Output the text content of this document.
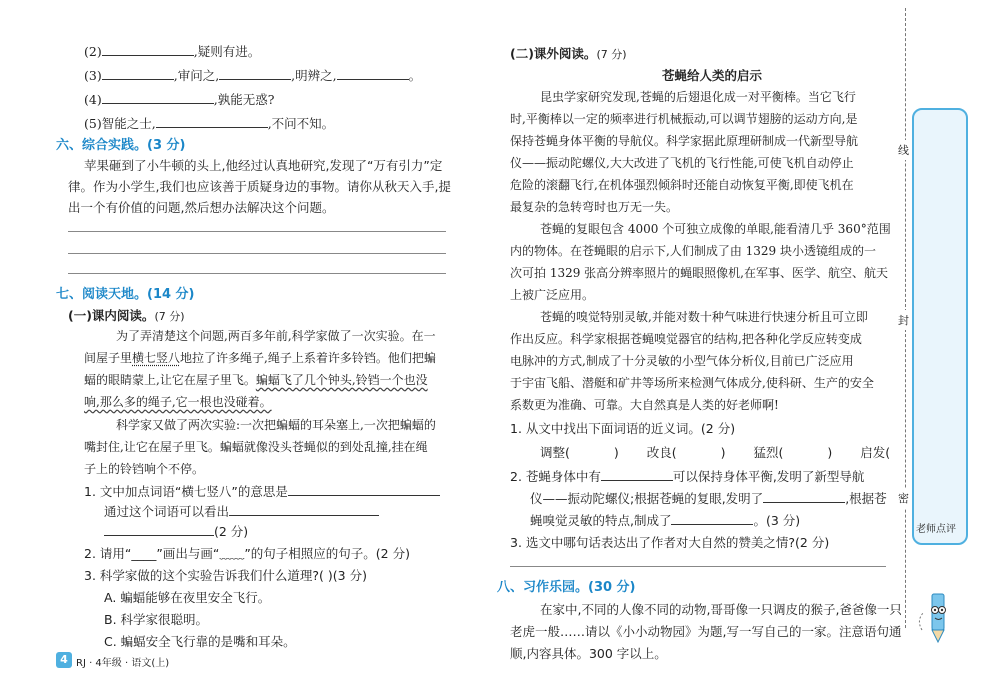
(2)	,疑则有进。
(3)	,审问之,	,明辨之,	。
(4)	,孰能无惑?
(5)智能之士,	,不问不知。
六、综合实践。(3 分)
苹果砸到了小牛顿的头上,他经过认真地研究,发现了“万有引力”定
律。作为小学生,我们也应该善于质疑身边的事物。请你从秋天入手,提
出一个有价值的问题,然后想办法解决这个问题。
七、阅读天地。(14 分)
(一)课内阅读。(7 分)
为了弄清楚这个问题,两百多年前,科学家做了一次实验。在一
间屋子里横七竖八地拉了许多绳子,绳子上系着许多铃铛。他们把蝙
蝠的眼睛蒙上,让它在屋子里飞。蝙蝠飞了几个钟头,铃铛一个也没
响,那么多的绳子,它一根也没碰着。
科学家又做了两次实验:一次把蝙蝠的耳朵塞上,一次把蝙蝠的
嘴封住,让它在屋子里飞。蝙蝠就像没头苍蝇似的到处乱撞,挂在绳
子上的铃铛响个不停。
1. 文中加点词语“横七竖八”的意思是
通过这个词语可以看出
(2 分)
2. 请用“____”画出与画“﹏﹏”的句子相照应的句子。(2 分)
3. 科学家做的这个实验告诉我们什么道理?( )(3 分)
A. 蝙蝠能够在夜里安全飞行。
B. 科学家很聪明。
C. 蝙蝠安全飞行靠的是嘴和耳朵。
4 RJ · 4年级 · 语文(上)
(二)课外阅读。(7 分)
苍蝇给人类的启示
昆虫学家研究发现,苍蝇的后翅退化成一对平衡棒。当它飞行
时,平衡棒以一定的频率进行机械振动,可以调节翅膀的运动方向,是
保持苍蝇身体平衡的导航仪。科学家据此原理研制成一代新型导航
仪——振动陀螺仪,大大改进了飞机的飞行性能,可使飞机自动停止
危险的滚翻飞行,在机体强烈倾斜时还能自动恢复平衡,即使飞机在
最复杂的急转弯时也万无一失。
苍蝇的复眼包含 4000 个可独立成像的单眼,能看清几乎 360°范围
内的物体。在苍蝇眼的启示下,人们制成了由 1329 块小透镜组成的一
次可拍 1329 张高分辨率照片的蝇眼照像机,在军事、医学、航空、航天
上被广泛应用。
苍蝇的嗅觉特别灵敏,并能对数十种气味进行快速分析且可立即
作出反应。科学家根据苍蝇嗅觉器官的结构,把各种化学反应转变成
电脉冲的方式,制成了十分灵敏的小型气体分析仪,目前已广泛应用
于宇宙飞船、潜艇和矿井等场所来检测气体成分,使科研、生产的安全
系数更为准确、可靠。大自然真是人类的好老师啊!
1. 从文中找出下面词语的近义词。(2 分)
调整(	) 改良(	) 猛烈(	) 启发(
2. 苍蝇身体中有	可以保持身体平衡,发明了新型导航
仪——振动陀螺仪;根据苍蝇的复眼,发明了	,根据苍
蝇嗅觉灵敏的特点,制成了	。(3 分)
3. 选文中哪句话表达出了作者对大自然的赞美之情?(2 分)
八、习作乐园。(30 分)
在家中,不同的人像不同的动物,哥哥像一只调皮的猴子,爸爸像一只
老虎一般……请以《小小动物园》为题,写一写自己的一家。注意语句通
顺,内容具体。300 字以上。
线
封
密
老师点评
